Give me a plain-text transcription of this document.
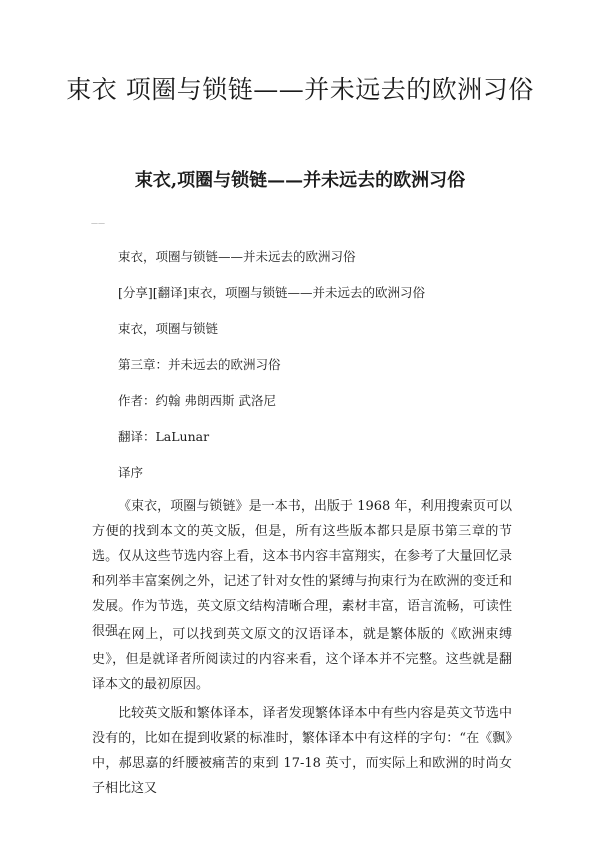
束衣 项圈与锁链——并未远去的欧洲习俗
束衣,项圈与锁链——并未远去的欧洲习俗
——

束衣，项圈与锁链——并未远去的欧洲习俗

[分享][翻译]束衣，项圈与锁链——并未远去的欧洲习俗

束衣，项圈与锁链

第三章：并未远去的欧洲习俗

作者：约翰 弗朗西斯 武洛尼

翻译：LaLunar

译序

《束衣，项圈与锁链》是一本书，出版于 1968 年，利用搜索页可以方便的找到本文的英文版，但是，所有这些版本都只是原书第三章的节选。仅从这些节选内容上看，这本书内容丰富翔实，在参考了大量回忆录和列举丰富案例之外，记述了针对女性的紧缚与拘束行为在欧洲的变迁和发展。作为节选，英文原文结构清晰合理，素材丰富，语言流畅，可读性很强。

在网上，可以找到英文原文的汉语译本，就是繁体版的《欧洲束缚史》，但是就译者所阅读过的内容来看，这个译本并不完整。这些就是翻译本文的最初原因。

比较英文版和繁体译本，译者发现繁体译本中有些内容是英文节选中没有的，比如在提到收紧的标准时，繁体译本中有这样的字句：“在《飘》中，郝思嘉的纤腰被痛苦的束到 17-18 英寸，而实际上和欧洲的时尚女子相比这又
